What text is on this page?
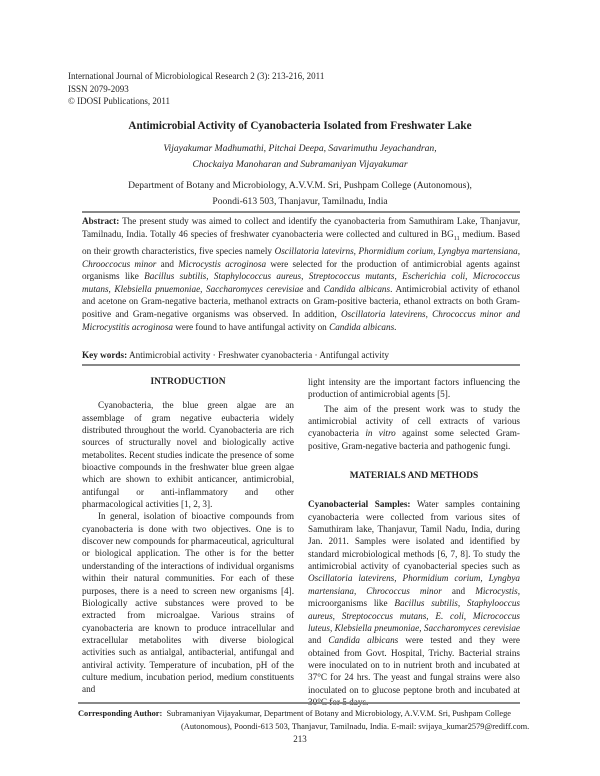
International Journal of Microbiological Research 2 (3): 213-216, 2011
ISSN 2079-2093
© IDOSI Publications, 2011
Antimicrobial Activity of Cyanobacteria Isolated from Freshwater Lake
Vijayakumar Madhumathi, Pitchai Deepa, Savarimuthu Jeyachandran,
Chockaiya Manoharan and Subramaniyan Vijayakumar
Department of Botany and Microbiology, A.V.V.M. Sri, Pushpam College (Autonomous),
Poondi-613 503, Thanjavur, Tamilnadu, India
Abstract: The present study was aimed to collect and identify the cyanobacteria from Samuthiram Lake, Thanjavur, Tamilnadu, India. Totally 46 species of freshwater cyanobacteria were collected and cultured in $BG_{11}$ medium. Based on their growth characteristics, five species namely Oscillatoria latevirns, Phormidium corium, Lyngbya martensiana, Chrooccocus minor and Microcystis acroginosa were selected for the production of antimicrobial agents against organisms like Bacillus subtilis, Staphylococcus aureus, Streptococcus mutants, Escherichia coli, Micrococcus mutans, Klebsiella pnuemoniae, Saccharomyces cerevisiae and Candida albicans. Antimicrobial activity of ethanol and acetone on Gram-negative bacteria, methanol extracts on Gram-positive bacteria, ethanol extracts on both Gram-positive and Gram-negative organisms was observed. In addition, Oscillatoria latevirens, Chrococcus minor and Microcystitis acroginosa were found to have antifungal activity on Candida albicans.
Key words: Antimicrobial activity · Freshwater cyanobacteria · Antifungal activity
INTRODUCTION

Cyanobacteria, the blue green algae are an assemblage of gram negative eubacteria widely distributed throughout the world. Cyanobacteria are rich sources of structurally novel and biologically active metabolites. Recent studies indicate the presence of some bioactive compounds in the freshwater blue green algae which are shown to exhibit anticancer, antimicrobial, antifungal or anti-inflammatory and other pharmacological activities [1, 2, 3].

In general, isolation of bioactive compounds from cyanobacteria is done with two objectives. One is to discover new compounds for pharmaceutical, agricultural or biological application. The other is for the better understanding of the interactions of individual organisms within their natural communities. For each of these purposes, there is a need to screen new organisms [4]. Biologically active substances were proved to be extracted from microalgae. Various strains of cyanobacteria are known to produce intracellular and extracellular metabolites with diverse biological activities such as antialgal, antibacterial, antifungal and antiviral activity. Temperature of incubation, pH of the culture medium, incubation period, medium constituents and

light intensity are the important factors influencing the production of antimicrobial agents [5].

The aim of the present work was to study the antimicrobial activity of cell extracts of various cyanobacteria in vitro against some selected Gram-positive, Gram-negative bacteria and pathogenic fungi.

MATERIALS AND METHODS

Cyanobacterial Samples: Water samples containing cyanobacteria were collected from various sites of Samuthiram lake, Thanjavur, Tamil Nadu, India, during Jan. 2011. Samples were isolated and identified by standard microbiological methods [6, 7, 8]. To study the antimicrobial activity of cyanobacterial species such as Oscillatoria latevirens, Phormidium corium, Lyngbya martensiana, Chrococcus minor and Microcystis, microorganisms like Bacillus subtilis, Staphylooccus aureus, Streptococcus mutans, E. coli, Micrococcus luteus, Klebsiella pneumoniae, Saccharomyces cerevisiae and Candida albicans were tested and they were obtained from Govt. Hospital, Trichy. Bacterial strains were inoculated on to in nutrient broth and incubated at 37°C for 24 hrs. The yeast and fungal strains were also inoculated on to glucose peptone broth and incubated at

Corresponding Author: Subramaniyan Vijayakumar, Department of Botany and Microbiology, A.V.V.M. Sri, Pushpam College
(Autonomous), Poondi-613 503, Thanjavur, Tamilnadu, India. E-mail: svijaya_kumar2579@rediff.com.
213
